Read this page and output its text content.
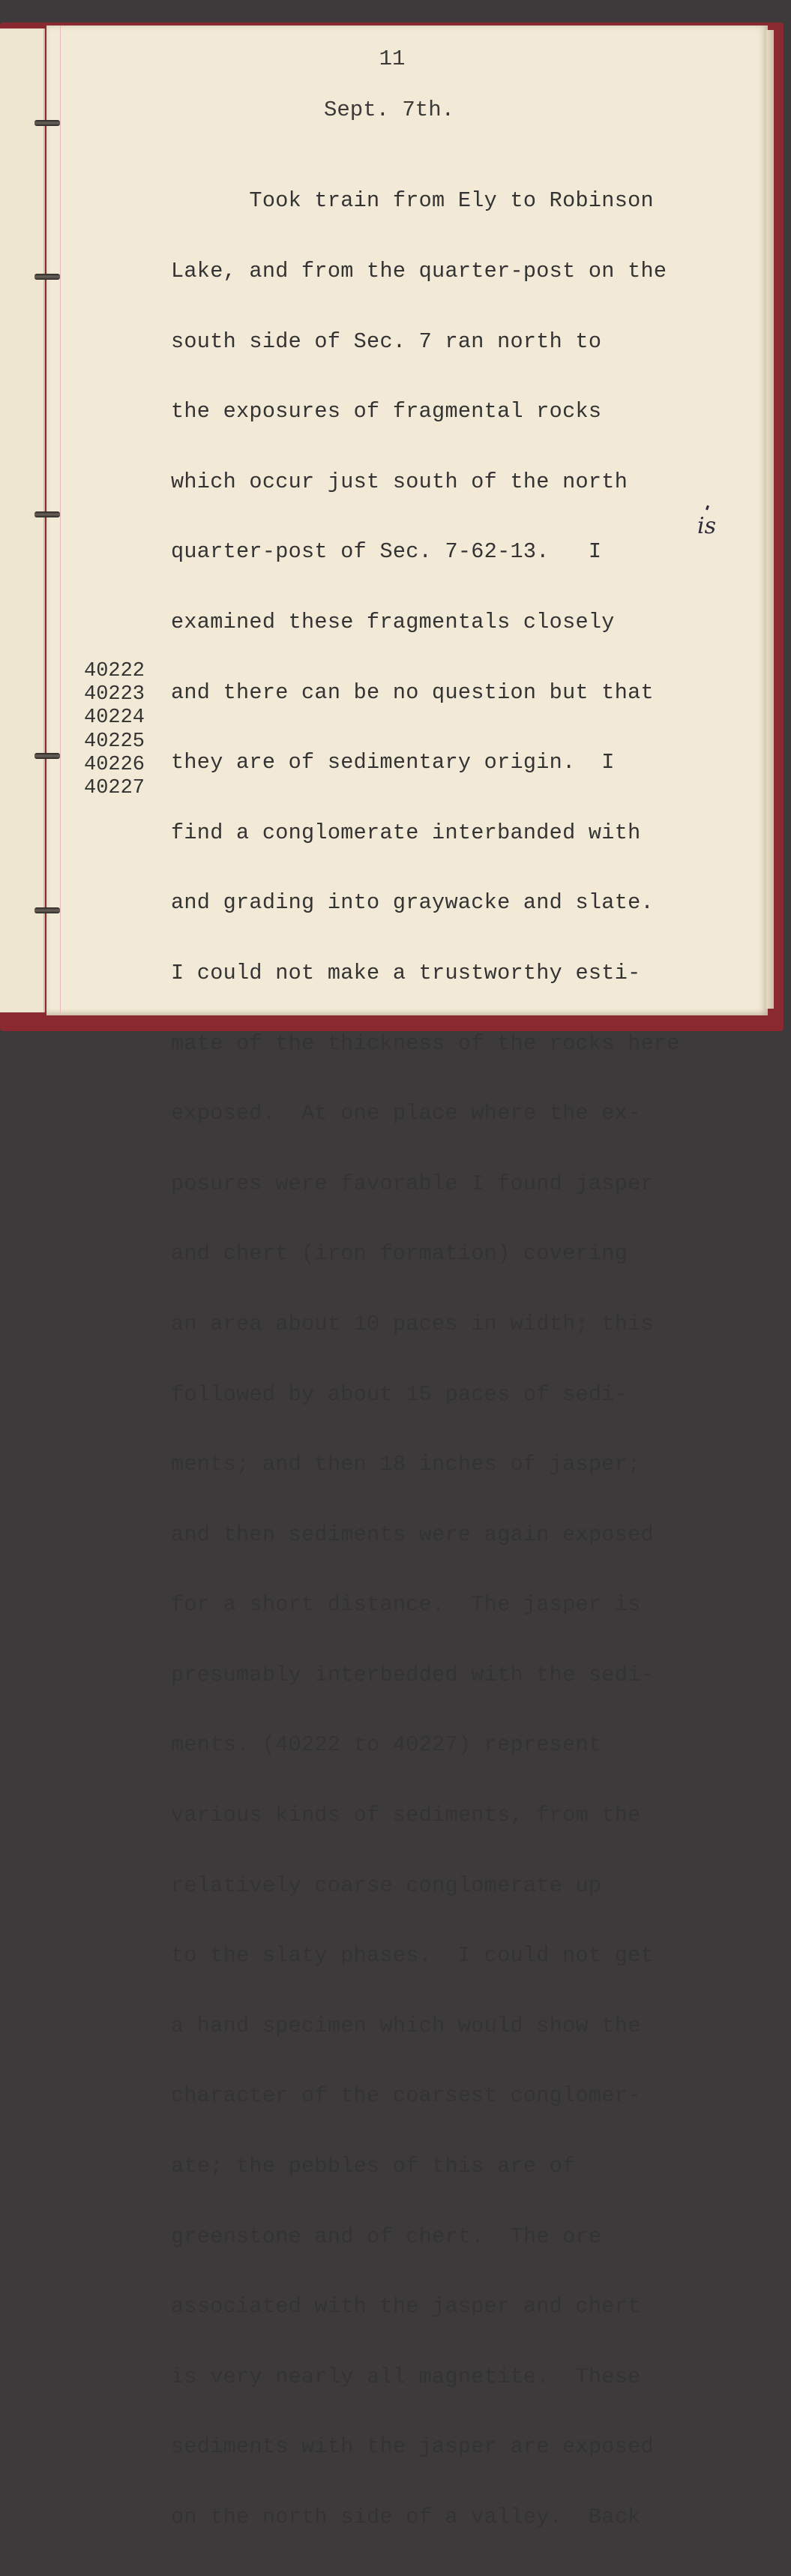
11
Sept. 7th.

Took train from Ely to Robinson

Lake, and from the quarter-post on the

south side of Sec. 7 ran north to

the exposures of fragmental rocks

which occur just south of the north

quarter-post of Sec. 7-62-13.   I

examined these fragmentals closely

and there can be no question but that

they are of sedimentary origin.  I

find a conglomerate interbanded with

and grading into graywacke and slate.

I could not make a trustworthy esti-

mate of the thickness of the rocks here

exposed.  At one place where the ex-

posures were favorable I found jasper

and chert (iron formation) covering

an area about 10 paces in width; this

followed by about 15 paces of sedi-

ments; and then 18 inches of jasper;

and then sediments were again exposed

for a short distance.  The jasper is

presumably interbedded with the sedi-

ments. (40222 to 40227) represent

various kinds of sediments, from the

relatively coarse conglomerate up

to the slaty phases.  I could not get

a hand specimen which would show the

character of the coarsest conglomer-

ate; the pebbles of this are of

greenstone and of chert.  The ore

associated with the jasper and chert

is very nearly all magnetite.  These

sediments with the jasper are exposed

on the north side of a valley.  Back

40222
40223
40224
40225
40226
40227
is
